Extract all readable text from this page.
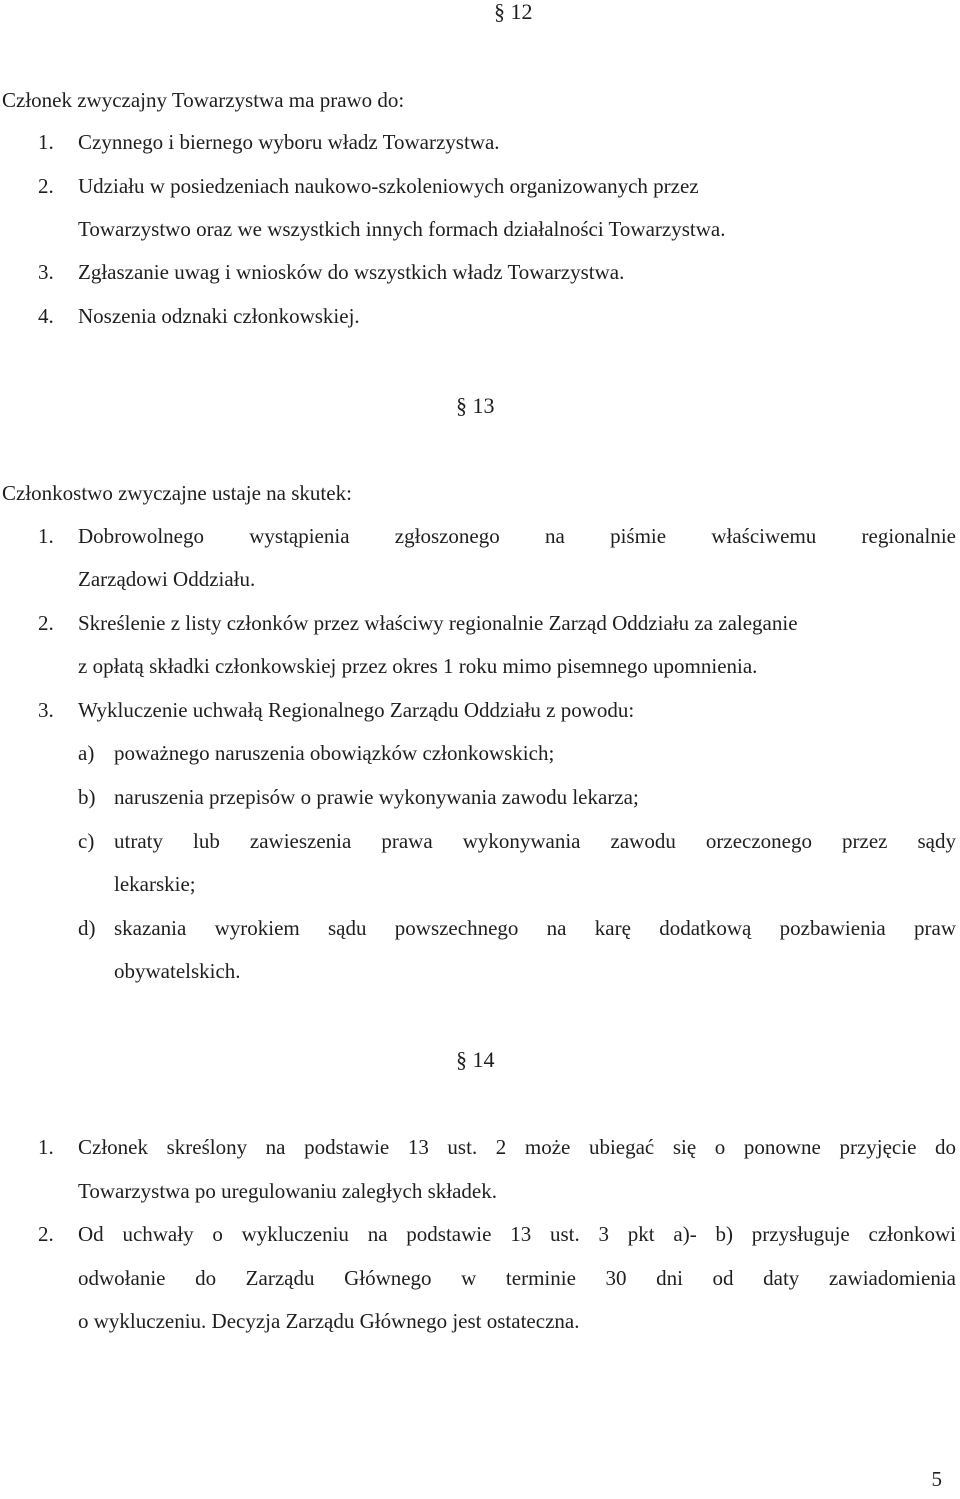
§ 12
Członek zwyczajny Towarzystwa ma prawo do:
1. Czynnego i biernego wyboru władz Towarzystwa.
2. Udziału w posiedzeniach naukowo-szkoleniowych organizowanych przez
Towarzystwo oraz we wszystkich innych formach działalności Towarzystwa.
3. Zgłaszanie uwag i wniosków do wszystkich władz Towarzystwa.
4. Noszenia odznaki członkowskiej.
§ 13
Członkostwo zwyczajne ustaje na skutek:
1. Dobrowolnego wystąpienia zgłoszonego na piśmie właściwemu regionalnie
Zarządowi Oddziału.
2. Skreślenie z listy członków przez właściwy regionalnie Zarząd Oddziału za zaleganie
z opłatą składki członkowskiej przez okres 1 roku mimo pisemnego upomnienia.
3. Wykluczenie uchwałą Regionalnego Zarządu Oddziału z powodu:
a) poważnego naruszenia obowiązków członkowskich;
b) naruszenia przepisów o prawie wykonywania zawodu lekarza;
c) utraty lub zawieszenia prawa wykonywania zawodu orzeczonego przez sądy
lekarskie;
d) skazania wyrokiem sądu powszechnego na karę dodatkową pozbawienia praw
obywatelskich.
§ 14
1. Członek skreślony na podstawie 13 ust. 2 może ubiegać się o ponowne przyjęcie do
Towarzystwa po uregulowaniu zaległych składek.
2. Od uchwały o wykluczeniu na podstawie 13 ust. 3 pkt a)- b) przysługuje członkowi
odwołanie do Zarządu Głównego w terminie 30 dni od daty zawiadomienia
o wykluczeniu. Decyzja Zarządu Głównego jest ostateczna.
5
